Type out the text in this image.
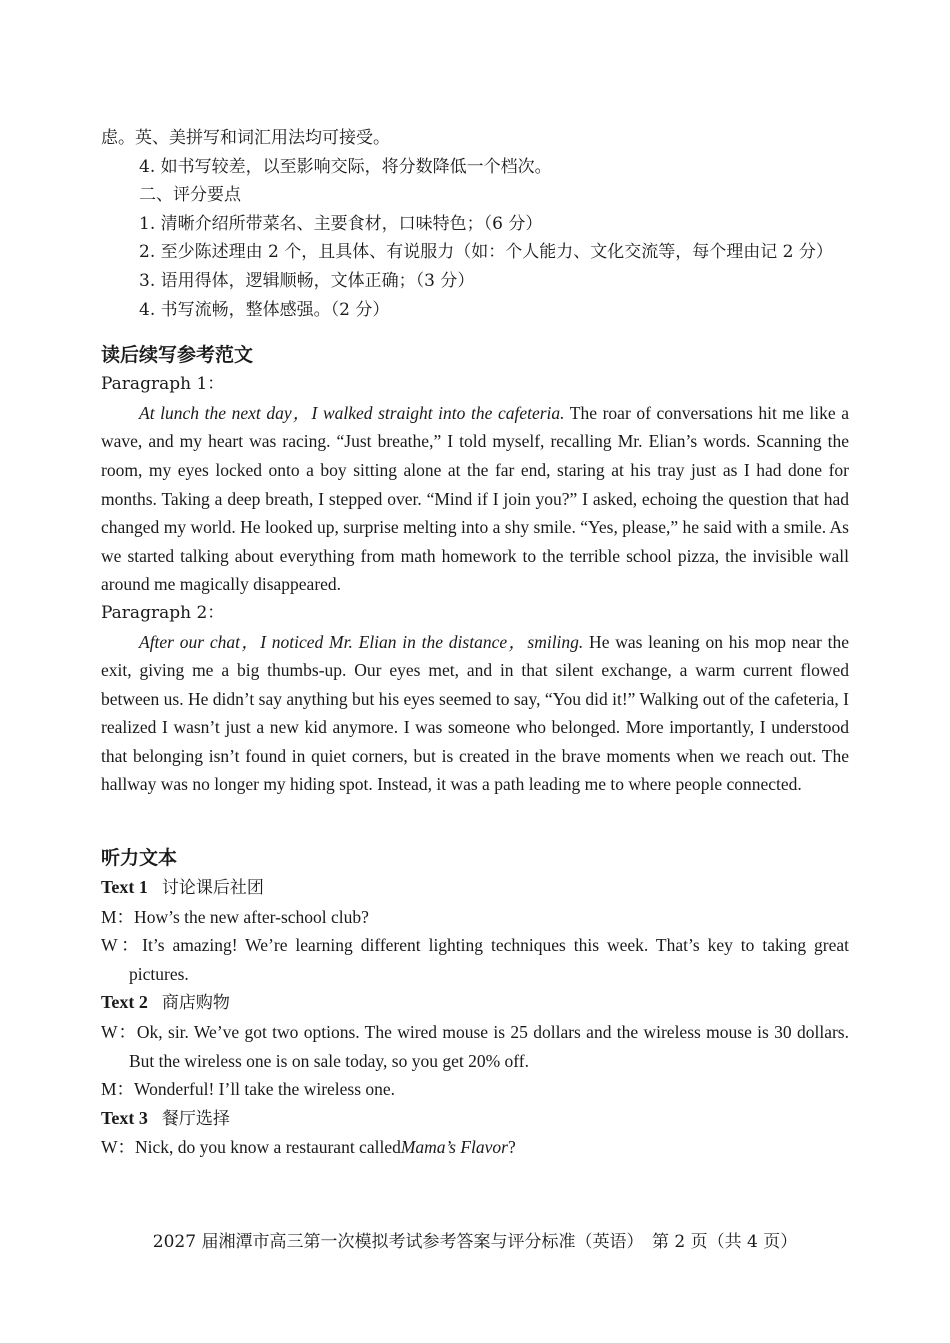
虑。英、美拼写和词汇用法均可接受。
4. 如书写较差，以至影响交际，将分数降低一个档次。
二、评分要点
1. 清晰介绍所带菜名、主要食材，口味特色；（6 分）
2. 至少陈述理由 2 个，且具体、有说服力（如：个人能力、文化交流等，每个理由记 2 分）
3. 语用得体，逻辑顺畅，文体正确；（3 分）
4. 书写流畅，整体感强。（2 分）
读后续写参考范文
Paragraph 1：

At lunch the next day，I walked straight into the cafeteria. The roar of conversations hit me like a wave, and my heart was racing. “Just breathe,” I told myself, recalling Mr. Elian’s words. Scanning the room, my eyes locked onto a boy sitting alone at the far end, staring at his tray just as I had done for months. Taking a deep breath, I stepped over. “Mind if I join you?” I asked, echoing the question that had changed my world. He looked up, surprise melting into a shy smile. “Yes, please,” he said with a smile. As we started talking about everything from math homework to the terrible school pizza, the invisible wall around me magically disappeared.

Paragraph 2：

After our chat，I noticed Mr. Elian in the distance，smiling. He was leaning on his mop near the exit, giving me a big thumbs-up. Our eyes met, and in that silent exchange, a warm current flowed between us. He didn’t say anything but his eyes seemed to say, “You did it!” Walking out of the cafeteria, I realized I wasn’t just a new kid anymore. I was someone who belonged. More importantly, I understood that belonging isn’t found in quiet corners, but is created in the brave moments when we reach out. The hallway was no longer my hiding spot. Instead, it was a path leading me to where people connected.

听力文本
Text 1 讨论课后社团

M：How’s the new after-school club?

W：It’s amazing! We’re learning different lighting techniques this week. That’s key to taking great pictures.

Text 2 商店购物

W：Ok, sir. We’ve got two options. The wired mouse is 25 dollars and the wireless mouse is 30 dollars. But the wireless one is on sale today, so you get 20% off.

M：Wonderful! I’ll take the wireless one.

Text 3 餐厅选择

W：Nick, do you know a restaurant calledMama’s Flavor?

2027 届湘潭市高三第一次模拟考试参考答案与评分标准（英语）　第 2 页（共 4 页）
